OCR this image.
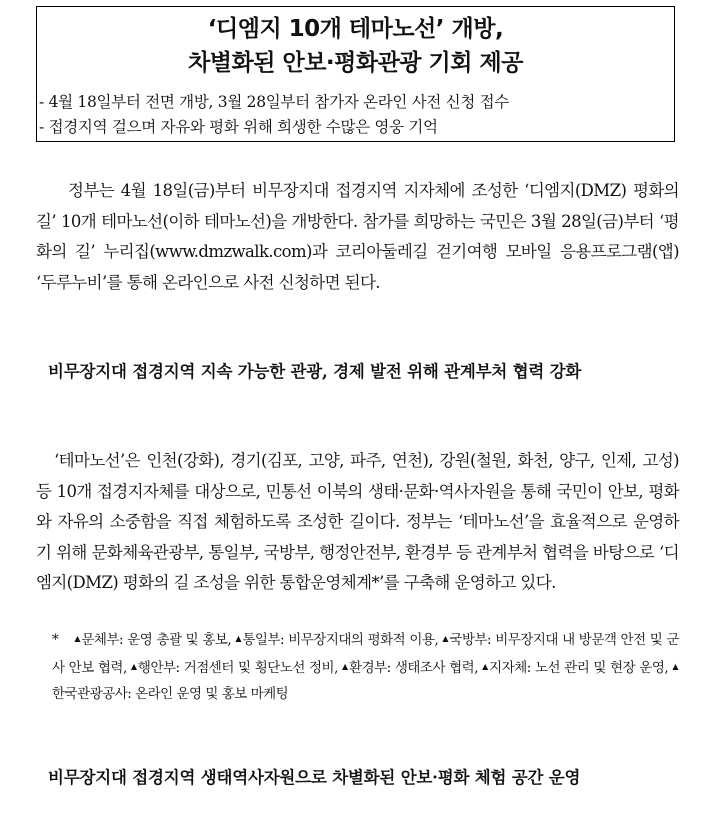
‘디엠지 10개 테마노선’ 개방,
차별화된 안보·평화관광 기회 제공
- 4월 18일부터 전면 개방, 3월 28일부터 참가자 온라인 사전 신청 접수
- 접경지역 걸으며 자유와 평화 위해 희생한 수많은 영웅 기억

정부는 4월 18일(금)부터 비무장지대 접경지역 지자체에 조성한 ‘디엠지(DMZ) 평화의 길’ 10개 테마노선(이하 테마노선)을 개방한다. 참가를 희망하는 국민은 3월 28일(금)부터 ‘평화의 길’ 누리집(www.dmzwalk.com)과 코리아둘레길 걷기여행 모바일 응용프로그램(앱) ‘두루누비’를 통해 온라인으로 사전 신청하면 된다.

비무장지대 접경지역 지속 가능한 관광, 경제 발전 위해 관계부처 협력 강화

‘테마노선’은 인천(강화), 경기(김포, 고양, 파주, 연천), 강원(철원, 화천, 양구, 인제, 고성) 등 10개 접경지자체를 대상으로, 민통선 이북의 생태·문화·역사자원을 통해 국민이 안보, 평화와 자유의 소중함을 직접 체험하도록 조성한 길이다. 정부는 ‘테마노선’을 효율적으로 운영하기 위해 문화체육관광부, 통일부, 국방부, 행정안전부, 환경부 등 관계부처 협력을 바탕으로 ‘디엠지(DMZ) 평화의 길 조성을 위한 통합운영체계*’를 구축해 운영하고 있다.

* ▲문체부: 운영 총괄 및 홍보, ▲통일부: 비무장지대의 평화적 이용, ▲국방부: 비무장지대 내 방문객 안전 및 군사 안보 협력, ▲행안부: 거점센터 및 횡단노선 정비, ▲환경부: 생태조사 협력, ▲지자체: 노선 관리 및 현장 운영, ▲한국관광공사: 온라인 운영 및 홍보 마케팅

비무장지대 접경지역 생태역사자원으로 차별화된 안보·평화 체험 공간 운영
